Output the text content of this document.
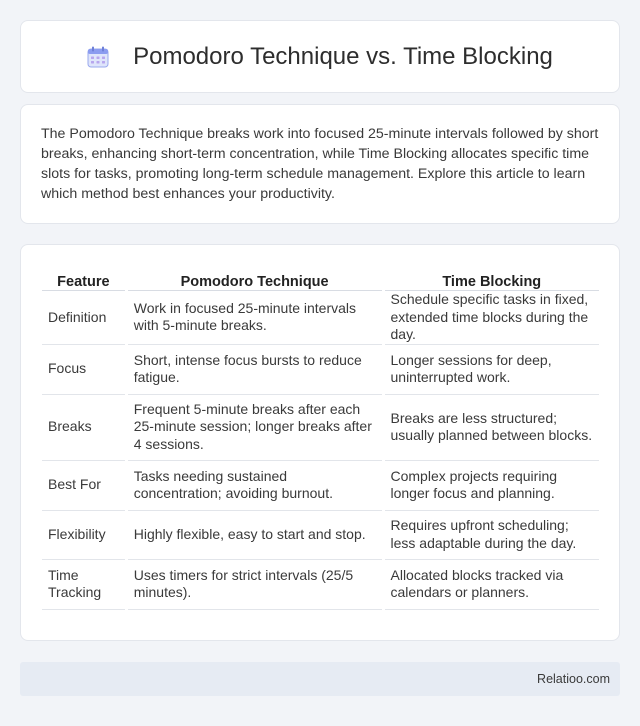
Pomodoro Technique vs. Time Blocking

The Pomodoro Technique breaks work into focused 25-minute intervals followed by short breaks, enhancing short-term concentration, while Time Blocking allocates specific time slots for tasks, promoting long-term schedule management. Explore this article to learn which method best enhances your productivity.

Feature	Pomodoro Technique	Time Blocking
Definition	Work in focused 25-minute intervals with 5-minute breaks.	Schedule specific tasks in fixed, extended time blocks during the day.
Focus	Short, intense focus bursts to reduce fatigue.	Longer sessions for deep, uninterrupted work.
Breaks	Frequent 5-minute breaks after each 25-minute session; longer breaks after 4 sessions.	Breaks are less structured; usually planned between blocks.
Best For	Tasks needing sustained concentration; avoiding burnout.	Complex projects requiring longer focus and planning.
Flexibility	Highly flexible, easy to start and stop.	Requires upfront scheduling; less adaptable during the day.
Time Tracking	Uses timers for strict intervals (25/5 minutes).	Allocated blocks tracked via calendars or planners.
Relatioo.com
